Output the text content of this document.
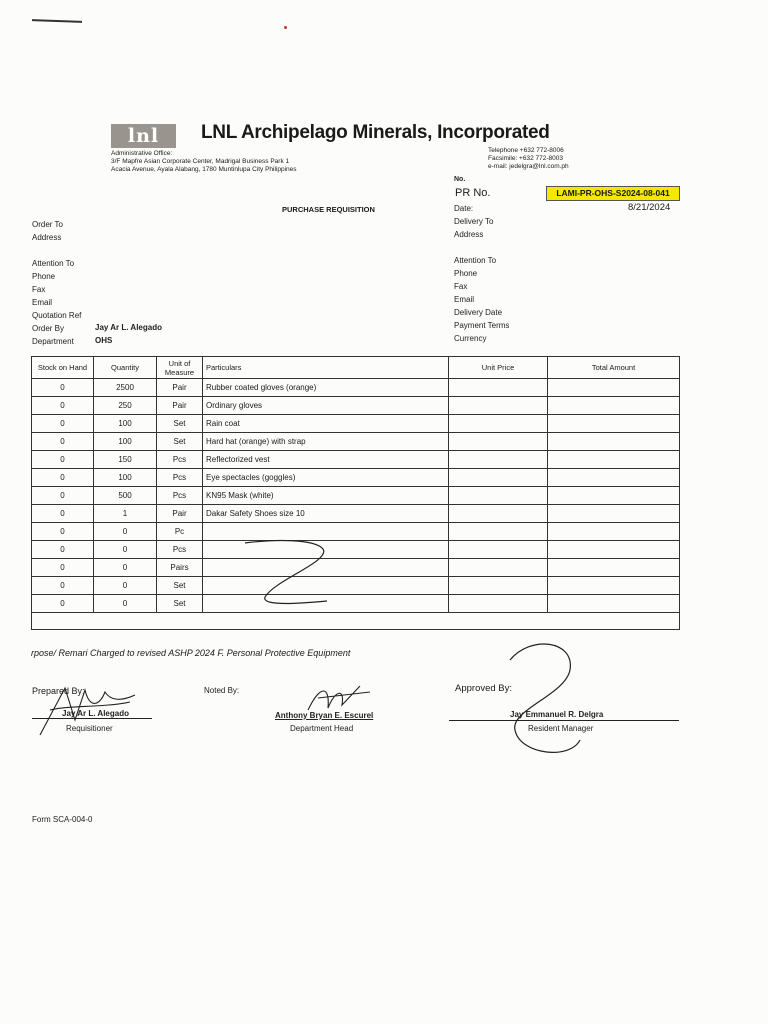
lnl	LNL Archipelago Minerals, Incorporated
Administrative Office:
3/F Mapfre Asian Corporate Center, Madrigal Business Park 1
Acacia Avenue, Ayala Alabang, 1780 Muntinlupa City Philippines
Telephone +632 772-8006
Facsimile: +632 772-8003
e-mail: jedelgra@lnl.com.ph
PURCHASE REQUISITION
No.
PR No.	LAMI-PR-OHS-S2024-08-041
Date:	8/21/2024
Order To
Address
Attention To
Phone
Fax
Email
Quotation Ref
Order By	Jay Ar L. Alegado
Department	OHS
Delivery To
Address
Attention To
Phone
Fax
Email
Delivery Date
Payment Terms
Currency
Stock on Hand	Quantity	Unit of Measure	Particulars	Unit Price	Total Amount
0	2500	Pair	Rubber coated gloves (orange)		
0	250	Pair	Ordinary gloves		
0	100	Set	Rain coat		
0	100	Set	Hard hat (orange) with strap		
0	150	Pcs	Reflectorized vest		
0	100	Pcs	Eye spectacles (goggles)		
0	500	Pcs	KN95 Mask (white)		
0	1	Pair	Dakar Safety Shoes size 10		
0	0	Pc			
0	0	Pcs			
0	0	Pairs			
0	0	Set			
0	0	Set			

rpose/ Remari Charged to revised ASHP 2024 F. Personal Protective Equipment
Prepared By:
Jay Ar L. Alegado
Requisitioner
Noted By:
Anthony Bryan E. Escurel
Department Head
Approved By:
Jay Emmanuel R. Delgra
Resident Manager
Form SCA-004-0
